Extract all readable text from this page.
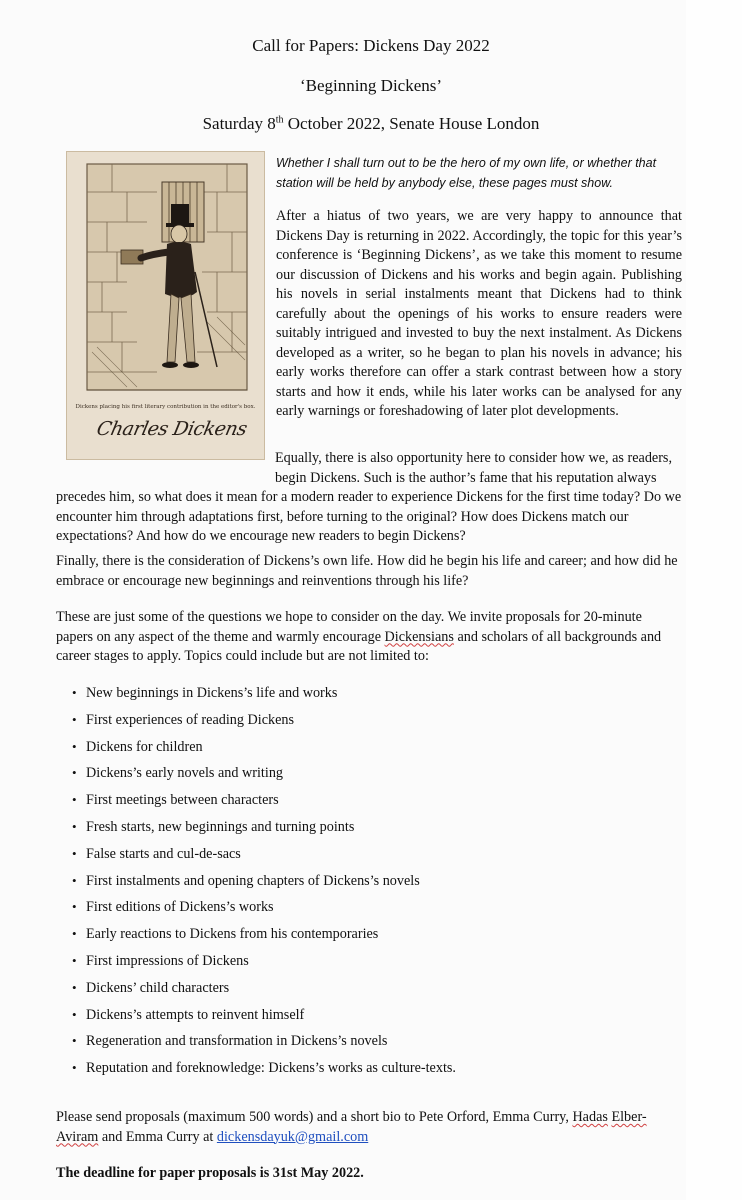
Call for Papers: Dickens Day 2022
‘Beginning Dickens’
Saturday 8th October 2022, Senate House London
Dickens placing his first literary contribution in the editor's box.
Charles Dickens
Whether I shall turn out to be the hero of my own life, or whether that station will be held by anybody else, these pages must show.
After a hiatus of two years, we are very happy to announce that Dickens Day is returning in 2022. Accordingly, the topic for this year’s conference is ‘Beginning Dickens’, as we take this moment to resume our discussion of Dickens and his works and begin again. Publishing his novels in serial instalments meant that Dickens had to think carefully about the openings of his works to ensure readers were suitably intrigued and invested to buy the next instalment. As Dickens developed as a writer, so he began to plan his novels in advance; his early works therefore can offer a stark contrast between how a story starts and how it ends, while his later works can be analysed for any early warnings or foreshadowing of later plot developments.
Equally, there is also opportunity here to consider how we, as readers, begin Dickens. Such is the author’s fame that his reputation always precedes him, so what does it mean for a modern reader to experience Dickens for the first time today? Do we encounter him through adaptations first, before turning to the original? How does Dickens match our expectations? And how do we encourage new readers to begin Dickens?
Finally, there is the consideration of Dickens’s own life. How did he begin his life and career; and how did he embrace or encourage new beginnings and reinventions through his life?
These are just some of the questions we hope to consider on the day. We invite proposals for 20-minute papers on any aspect of the theme and warmly encourage Dickensians and scholars of all backgrounds and career stages to apply. Topics could include but are not limited to:
• New beginnings in Dickens’s life and works
• First experiences of reading Dickens
• Dickens for children
• Dickens’s early novels and writing
• First meetings between characters
• Fresh starts, new beginnings and turning points
• False starts and cul-de-sacs
• First instalments and opening chapters of Dickens’s novels
• First editions of Dickens’s works
• Early reactions to Dickens from his contemporaries
• First impressions of Dickens
• Dickens’ child characters
• Dickens’s attempts to reinvent himself
• Regeneration and transformation in Dickens’s novels
• Reputation and foreknowledge: Dickens’s works as culture-texts.
Please send proposals (maximum 500 words) and a short bio to Pete Orford, Emma Curry, Hadas Elber-Aviram and Emma Curry at dickensdayuk@gmail.com
The deadline for paper proposals is 31st May 2022.
